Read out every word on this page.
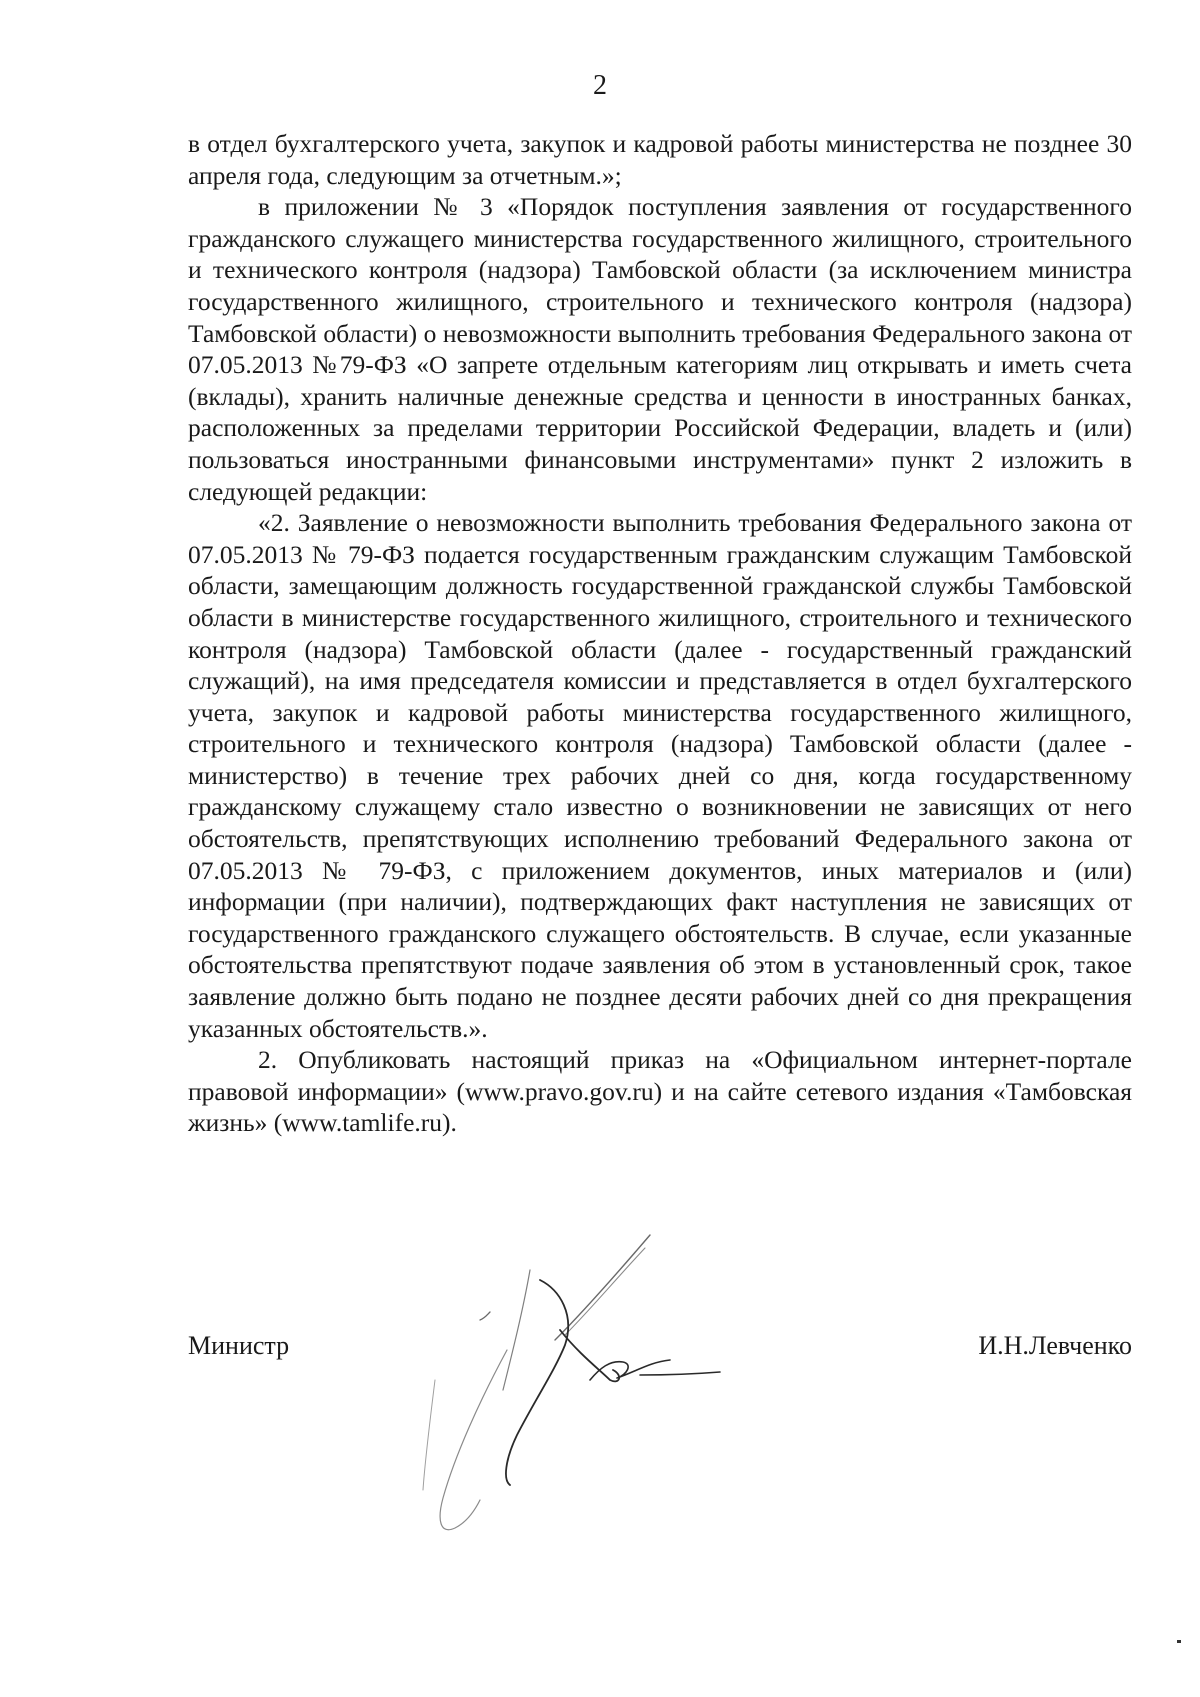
2

в отдел бухгалтерского учета, закупок и кадровой работы министерства не позднее 30 апреля года, следующим за отчетным.»;

в приложении № 3 «Порядок поступления заявления от государственного гражданского служащего министерства государственного жилищного, строительного и технического контроля (надзора) Тамбовской области (за исключением министра государственного жилищного, строительного и технического контроля (надзора) Тамбовской области) о невозможности выполнить требования Федерального закона от 07.05.2013 №79-ФЗ «О запрете отдельным категориям лиц открывать и иметь счета (вклады), хранить наличные денежные средства и ценности в иностранных банках, расположенных за пределами территории Российской Федерации, владеть и (или) пользоваться иностранными финансовыми инструментами» пункт 2 изложить в следующей редакции:

«2. Заявление о невозможности выполнить требования Федерального закона от 07.05.2013 № 79-ФЗ подается государственным гражданским служащим Тамбовской области, замещающим должность государственной гражданской службы Тамбовской области в министерстве государственного жилищного, строительного и технического контроля (надзора) Тамбовской области (далее - государственный гражданский служащий), на имя председателя комиссии и представляется в отдел бухгалтерского учета, закупок и кадровой работы министерства государственного жилищного, строительного и технического контроля (надзора) Тамбовской области (далее - министерство) в течение трех рабочих дней со дня, когда государственному гражданскому служащему стало известно о возникновении не зависящих от него обстоятельств, препятствующих исполнению требований Федерального закона от 07.05.2013 № 79-ФЗ, с приложением документов, иных материалов и (или) информации (при наличии), подтверждающих факт наступления не зависящих от государственного гражданского служащего обстоятельств. В случае, если указанные обстоятельства препятствуют подаче заявления об этом в установленный срок, такое заявление должно быть подано не позднее десяти рабочих дней со дня прекращения указанных обстоятельств.».

2. Опубликовать настоящий приказ на «Официальном интернет-портале правовой информации» (www.pravo.gov.ru) и на сайте сетевого издания «Тамбовская жизнь» (www.tamlife.ru).

Министр	И.Н.Левченко
